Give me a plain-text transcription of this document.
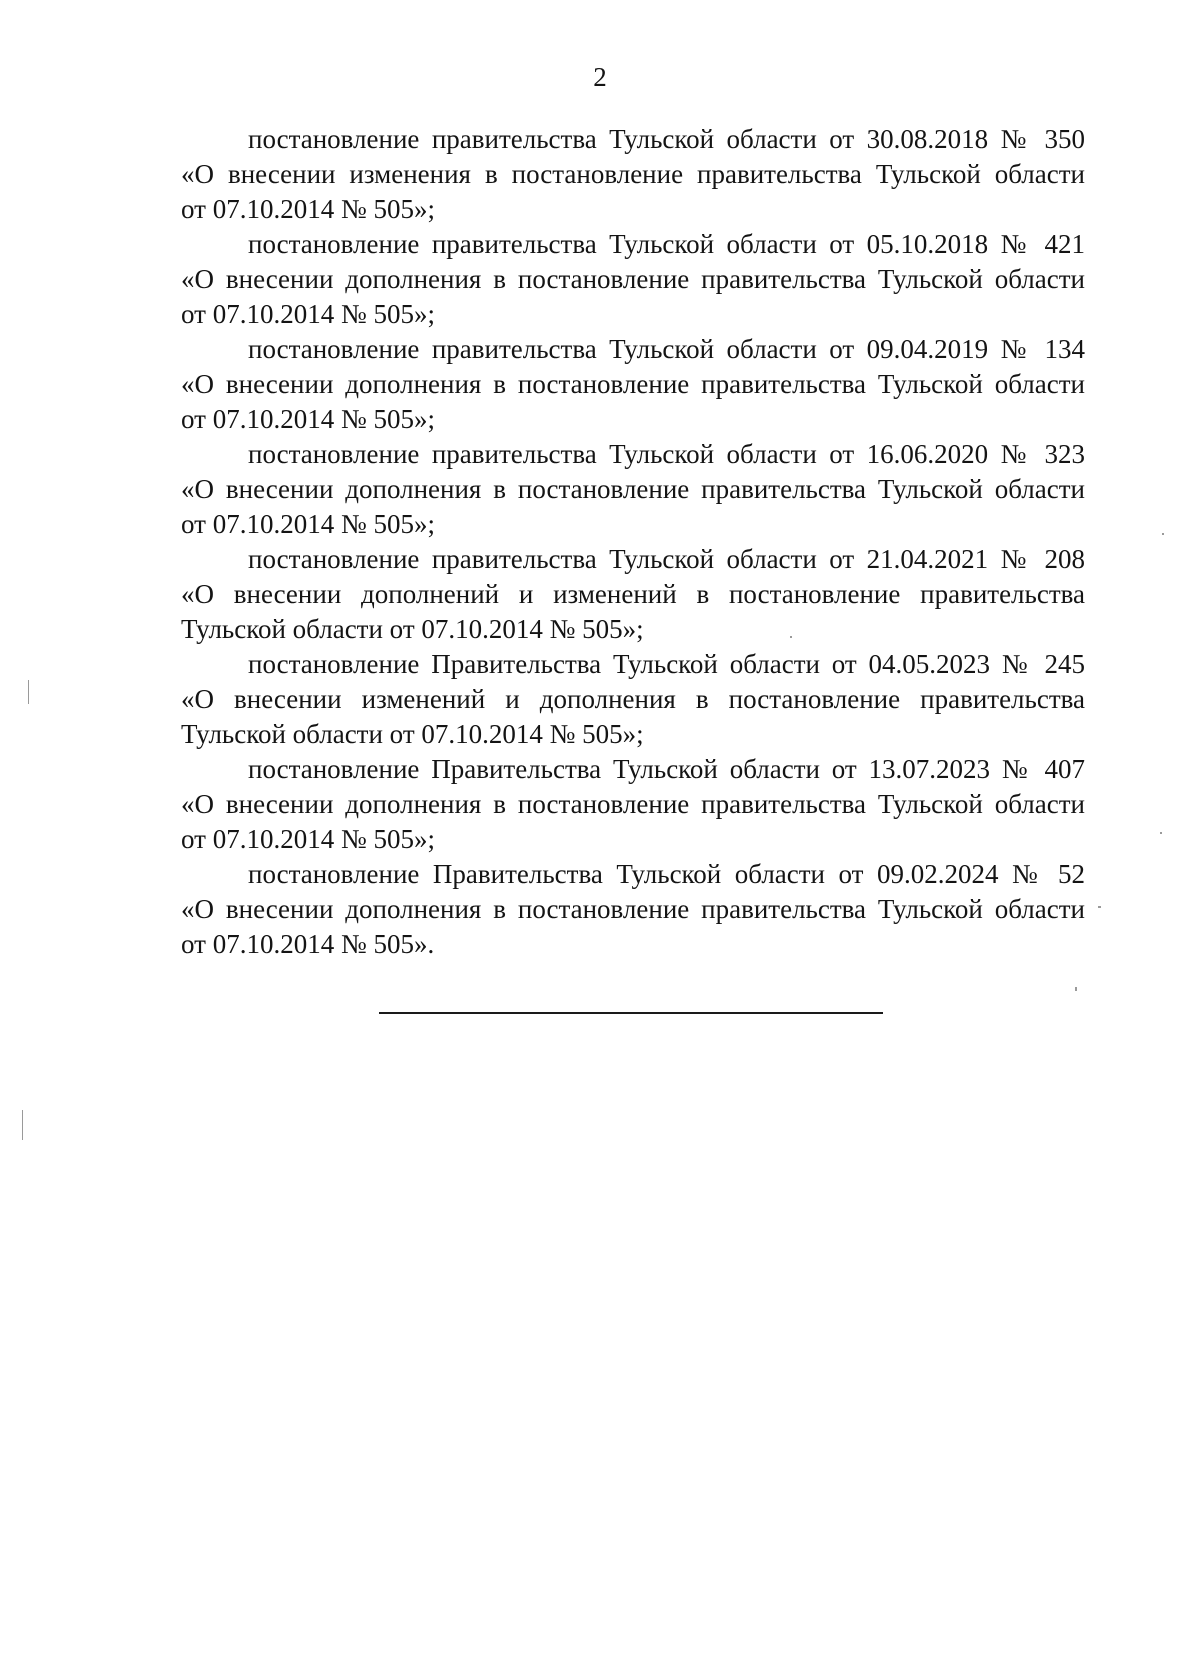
2

постановление правительства Тульской области от 30.08.2018 № 350
«О внесении изменения в постановление правительства Тульской области
от 07.10.2014 № 505»;

постановление правительства Тульской области от 05.10.2018 № 421
«О внесении дополнения в постановление правительства Тульской области
от 07.10.2014 № 505»;

постановление правительства Тульской области от 09.04.2019 № 134
«О внесении дополнения в постановление правительства Тульской области
от 07.10.2014 № 505»;

постановление правительства Тульской области от 16.06.2020 № 323
«О внесении дополнения в постановление правительства Тульской области
от 07.10.2014 № 505»;

постановление правительства Тульской области от 21.04.2021 № 208
«О внесении дополнений и изменений в постановление правительства
Тульской области от 07.10.2014 № 505»;

постановление Правительства Тульской области от 04.05.2023 № 245
«О внесении изменений и дополнения в постановление правительства
Тульской области от 07.10.2014 № 505»;

постановление Правительства Тульской области от 13.07.2023 № 407
«О внесении дополнения в постановление правительства Тульской области
от 07.10.2014 № 505»;

постановление Правительства Тульской области от 09.02.2024 № 52
«О внесении дополнения в постановление правительства Тульской области
от 07.10.2014 № 505».
